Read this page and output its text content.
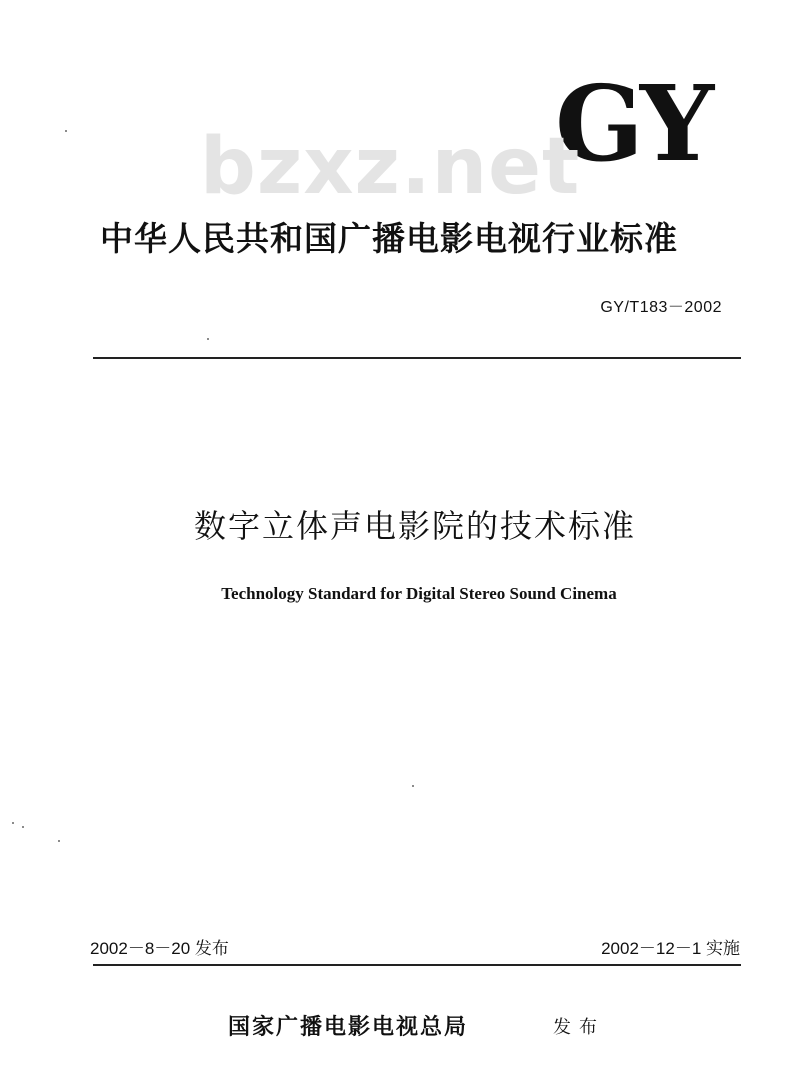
GY
bzxz.net
中华人民共和国广播电影电视行业标准
GY/T183－2002
数字立体声电影院的技术标准
Technology Standard for Digital Stereo Sound Cinema
2002－8－20 发布	2002－12－1 实施
国家广播电影电视总局	发布
